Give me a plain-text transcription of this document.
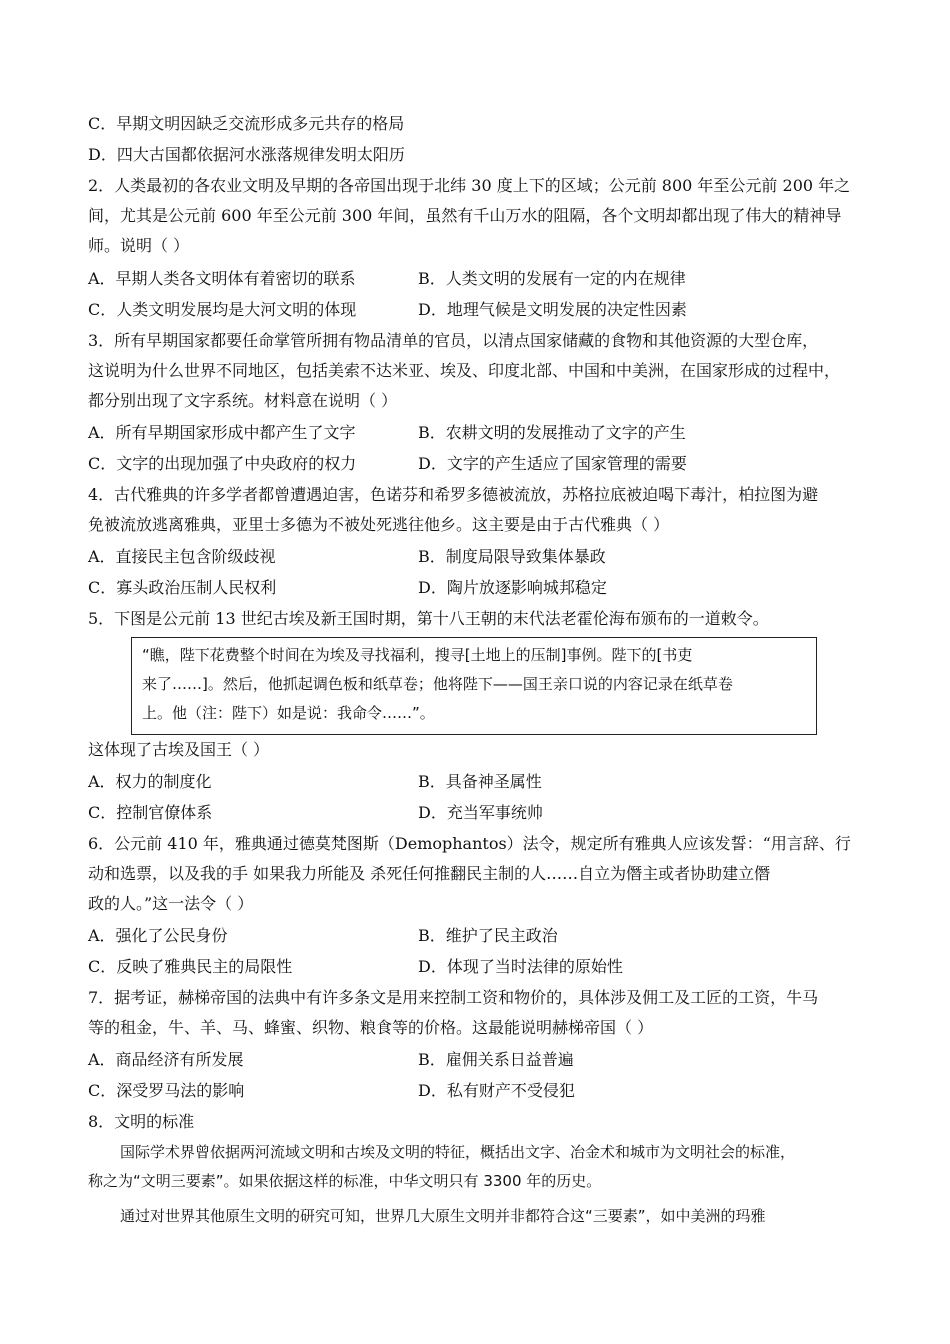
C．早期文明因缺乏交流形成多元共存的格局
D．四大古国都依据河水涨落规律发明太阳历
2．人类最初的各农业文明及早期的各帝国出现于北纬 30 度上下的区域；公元前 800 年至公元前 200 年之
间，尤其是公元前 600 年至公元前 300 年间，虽然有千山万水的阻隔，各个文明却都出现了伟大的精神导
师。说明（ ）
A．早期人类各文明体有着密切的联系	B．人类文明的发展有一定的内在规律
C．人类文明发展均是大河文明的体现	D．地理气候是文明发展的决定性因素
3．所有早期国家都要任命掌管所拥有物品清单的官员，以清点国家储藏的食物和其他资源的大型仓库，
这说明为什么世界不同地区，包括美索不达米亚、埃及、印度北部、中国和中美洲，在国家形成的过程中，
都分别出现了文字系统。材料意在说明（ ）
A．所有早期国家形成中都产生了文字	B．农耕文明的发展推动了文字的产生
C．文字的出现加强了中央政府的权力	D．文字的产生适应了国家管理的需要
4．古代雅典的许多学者都曾遭遇迫害，色诺芬和希罗多德被流放，苏格拉底被迫喝下毒汁，柏拉图为避
免被流放逃离雅典，亚里士多德为不被处死逃往他乡。这主要是由于古代雅典（ ）
A．直接民主包含阶级歧视	B．制度局限导致集体暴政
C．寡头政治压制人民权利	D．陶片放逐影响城邦稳定
5．下图是公元前 13 世纪古埃及新王国时期，第十八王朝的末代法老霍伦海布颁布的一道敕令。
“瞧，陛下花费整个时间在为埃及寻找福利，搜寻[土地上的压制]事例。陛下的[书吏
来了……]。然后，他抓起调色板和纸草卷；他将陛下——国王亲口说的内容记录在纸草卷
上。他（注：陛下）如是说：我命令……”。
这体现了古埃及国王（ ）
A．权力的制度化	B．具备神圣属性
C．控制官僚体系	D．充当军事统帅
6．公元前 410 年，雅典通过德莫梵图斯（Demophantos）法令，规定所有雅典人应该发誓：“用言辞、行
动和选票，以及我的手 如果我力所能及 杀死任何推翻民主制的人……自立为僭主或者协助建立僭
政的人。”这一法令（ ）
A．强化了公民身份	B．维护了民主政治
C．反映了雅典民主的局限性	D．体现了当时法律的原始性
7．据考证，赫梯帝国的法典中有许多条文是用来控制工资和物价的，具体涉及佣工及工匠的工资，牛马
等的租金，牛、羊、马、蜂蜜、织物、粮食等的价格。这最能说明赫梯帝国（ ）
A．商品经济有所发展	B．雇佣关系日益普遍
C．深受罗马法的影响	D．私有财产不受侵犯
8．文明的标准
国际学术界曾依据两河流域文明和古埃及文明的特征，概括出文字、冶金术和城市为文明社会的标准，
称之为“文明三要素”。如果依据这样的标准，中华文明只有 3300 年的历史。
通过对世界其他原生文明的研究可知，世界几大原生文明并非都符合这“三要素”，如中美洲的玛雅
